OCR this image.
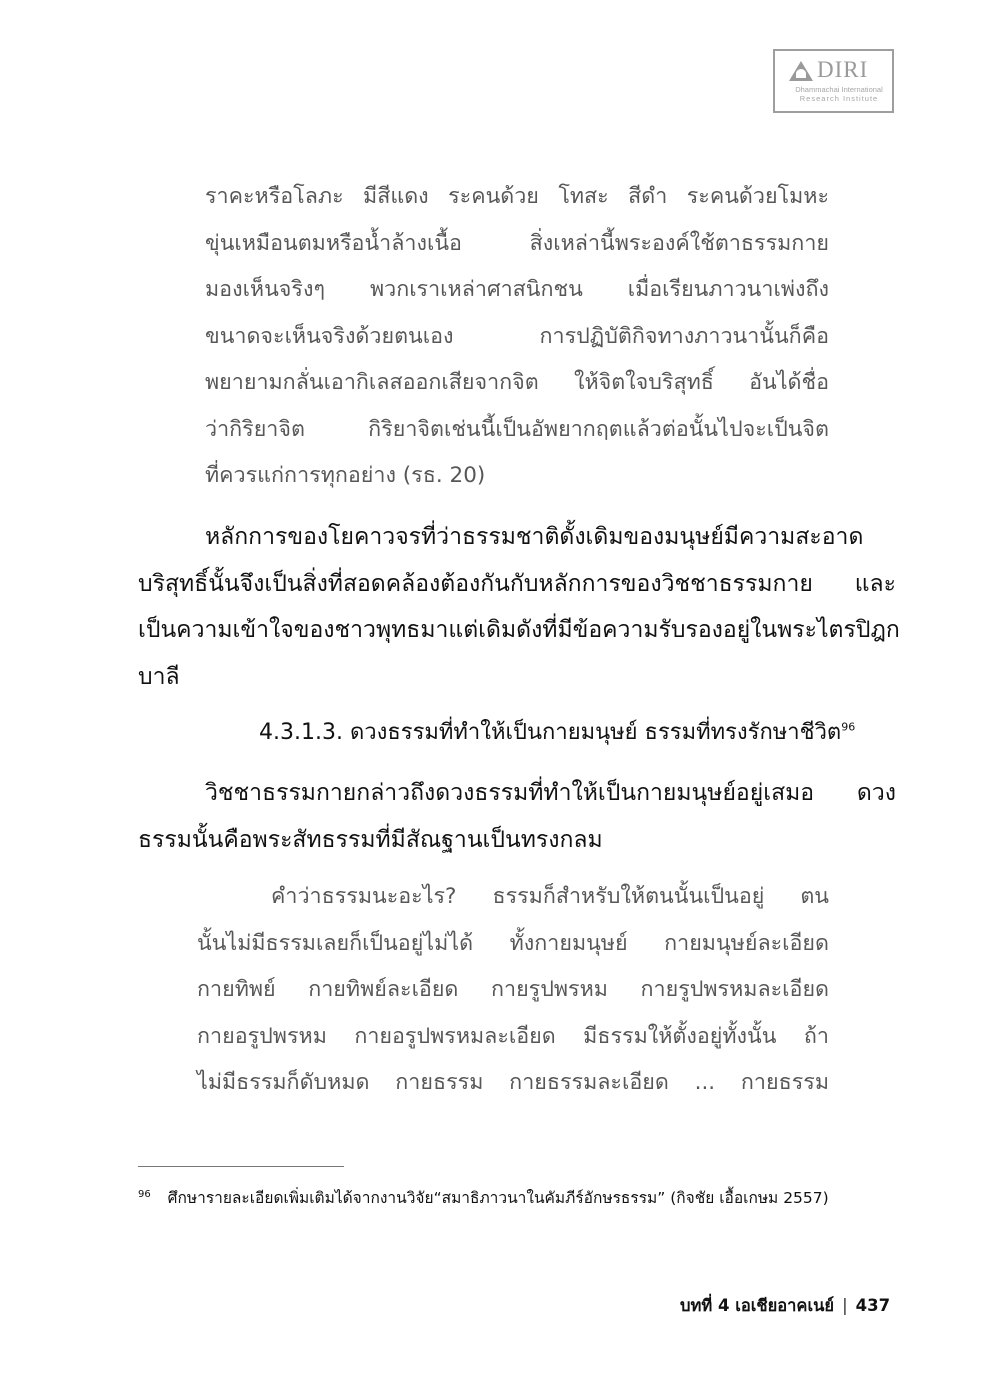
DIRI
Dhammachai International
Research Institute
ราคะหรือโลภะ มีสีแดง ระคนด้วย โทสะ สีดำ ระคนด้วยโมหะ
ขุ่นเหมือนตมหรือน้ำล้างเนื้อ สิ่งเหล่านี้พระองค์ใช้ตาธรรมกาย
มองเห็นจริงๆ พวกเราเหล่าศาสนิกชน เมื่อเรียนภาวนาเพ่งถึง
ขนาดจะเห็นจริงด้วยตนเอง การปฏิบัติกิจทางภาวนานั้นก็คือ
พยายามกลั่นเอากิเลสออกเสียจากจิต ให้จิตใจบริสุทธิ์ อันได้ชื่อ
ว่ากิริยาจิต กิริยาจิตเช่นนี้เป็นอัพยากฤตแล้วต่อนั้นไปจะเป็นจิต
ที่ควรแก่การทุกอย่าง (รธ. 20)
หลักการของโยคาวจรที่ว่าธรรมชาติดั้งเดิมของมนุษย์มีความสะอาด
บริสุทธิ์นั้นจึงเป็นสิ่งที่สอดคล้องต้องกันกับหลักการของวิชชาธรรมกาย และ
เป็นความเข้าใจของชาวพุทธมาแต่เดิมดังที่มีข้อความรับรองอยู่ในพระไตรปิฎก
บาลี
4.3.1.3. ดวงธรรมที่ทำให้เป็นกายมนุษย์ ธรรมที่ทรงรักษาชีวิต$^{96}$
วิชชาธรรมกายกล่าวถึงดวงธรรมที่ทำให้เป็นกายมนุษย์อยู่เสมอ ดวง
ธรรมนั้นคือพระสัทธรรมที่มีสัณฐานเป็นทรงกลม
คำว่าธรรมนะอะไร? ธรรมก็สำหรับให้ตนนั้นเป็นอยู่ ตน
นั้นไม่มีธรรมเลยก็เป็นอยู่ไม่ได้ ทั้งกายมนุษย์ กายมนุษย์ละเอียด
กายทิพย์ กายทิพย์ละเอียด กายรูปพรหม กายรูปพรหมละเอียด
กายอรูปพรหม กายอรูปพรหมละเอียด มีธรรมให้ตั้งอยู่ทั้งนั้น ถ้า
ไม่มีธรรมก็ดับหมด กายธรรม กายธรรมละเอียด ... กายธรรม
$^{96}$ ศึกษารายละเอียดเพิ่มเติมได้จากงานวิจัย“สมาธิภาวนาในคัมภีร์อักษรธรรม” (กิจชัย เอื้อเกษม 2557)
บทที่ 4 เอเชียอาคเนย์ | 437
